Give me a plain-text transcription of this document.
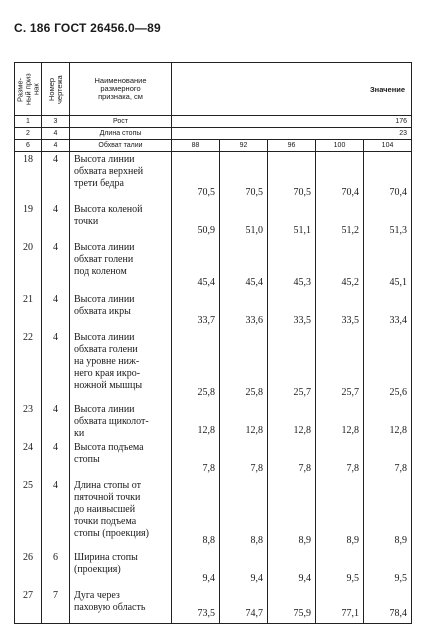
С. 186 ГОСТ 26456.0—89
Разме-
ный приз
нак	Номер
чертежа	Наименование
размерного
признака, см	Значение				
1	3	Рост	176				
2	4	Длина стопы	23				
6	4	Обхват талии	88	92	96	100	104
18	4	Высота линии
обхвата верхней
трети бедра	70,5	70,5	70,5	70,4	70,4
19	4	Высота коленой
точки	50,9	51,0	51,1	51,2	51,3
20	4	Высота линии
обхват голени
под коленом	45,4	45,4	45,3	45,2	45,1
21	4	Высота линии
обхвата икры	33,7	33,6	33,5	33,5	33,4
22	4	Высота линии
обхвата голени
на уровне ниж-
него края икро-
ножной мышцы	25,8	25,8	25,7	25,7	25,6
23	4	Высота линии
обхвата щиколот-
ки	12,8	12,8	12,8	12,8	12,8
24	4	Высота подъема
стопы	7,8	7,8	7,8	7,8	7,8
25	4	Длина стопы от
пяточной точки
до наивысшей
точки подъема
стопы (проекция)	8,8	8,8	8,9	8,9	8,9
26	6	Ширина стопы
(проекция)	9,4	9,4	9,4	9,5	9,5
27	7	Дуга через
паховую область	73,5	74,7	75,9	77,1	78,4
